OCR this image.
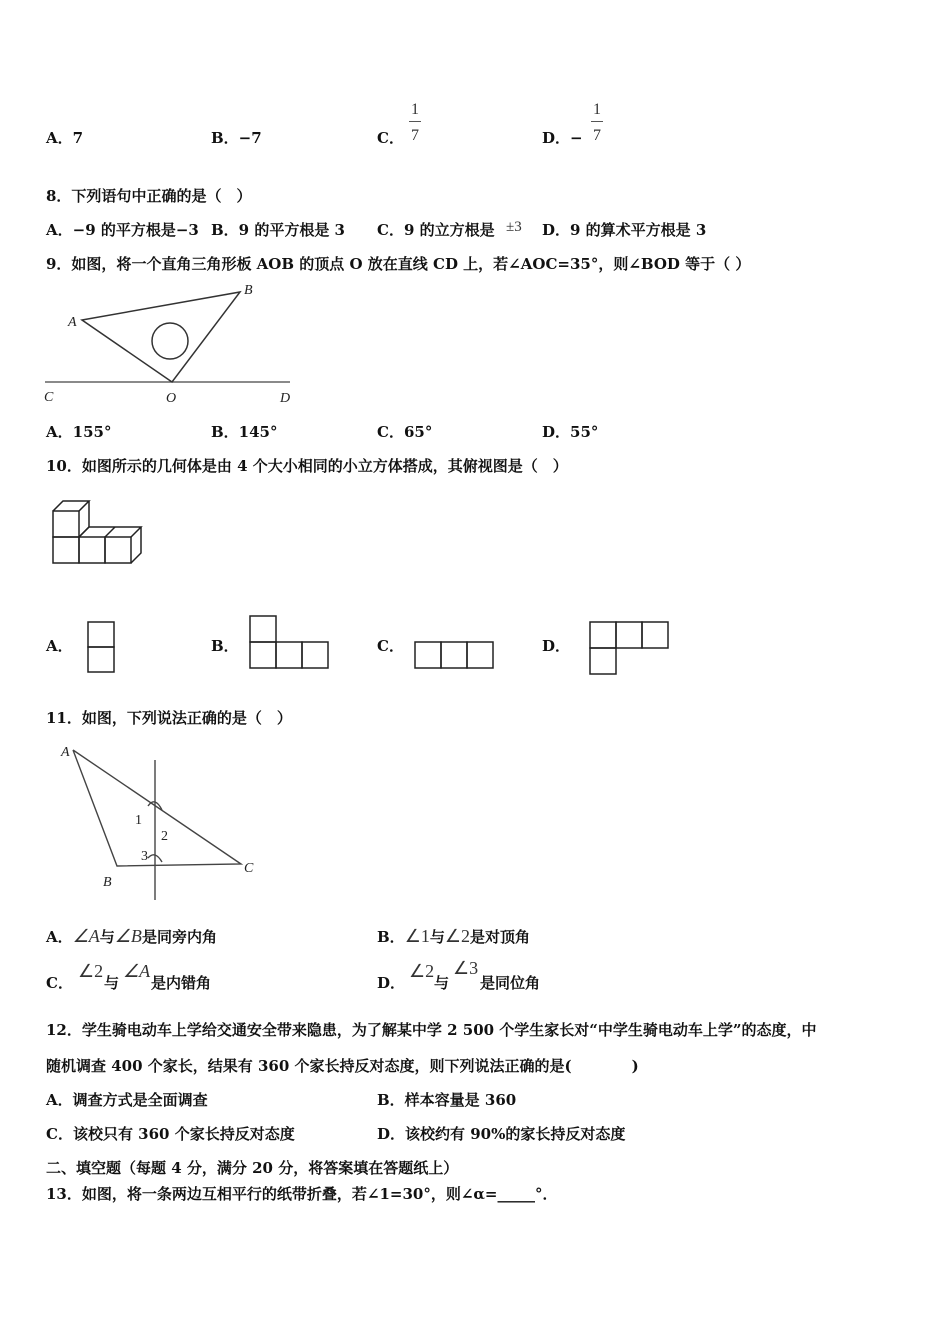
A．7	B．−7	C．
1
7	D．−
1
7
8．下列语句中正确的是（　）
A．−9 的平方根是−3 B．9 的平方根是 3 C．9 的立方根是 ±3 D．9 的算术平方根是 3
9．如图，将一个直角三角形板 AOB 的顶点 O 放在直线 CD 上，若∠AOC=35°，则∠BOD 等于（ ）
A
B
C	O	D
A．155°	B．145°	C．65°	D．55°
10．如图所示的几何体是由 4 个大小相同的小立方体搭成，其俯视图是（　）
A．	B．	C．	D．
11．如图，下列说法正确的是（　）
A
B
C
1
2
3
A．∠A与∠B是同旁内角	B．∠1与∠2是对顶角
C．
∠2
与
∠A
是内错角	D．
∠2
与
∠3
是同位角
12．学生骑电动车上学给交通安全带来隐患，为了解某中学 2 500 个学生家长对“中学生骑电动车上学”的态度，中
随机调查 400 个家长，结果有 360 个家长持反对态度，则下列说法正确的是(　　　　)
A．调查方式是全面调查	B．样本容量是 360
C．该校只有 360 个家长持反对态度	D．该校约有 90%的家长持反对态度
二、填空题（每题 4 分，满分 20 分，将答案填在答题纸上）
13．如图，将一条两边互相平行的纸带折叠，若∠1=30°，则∠α=_____°．
